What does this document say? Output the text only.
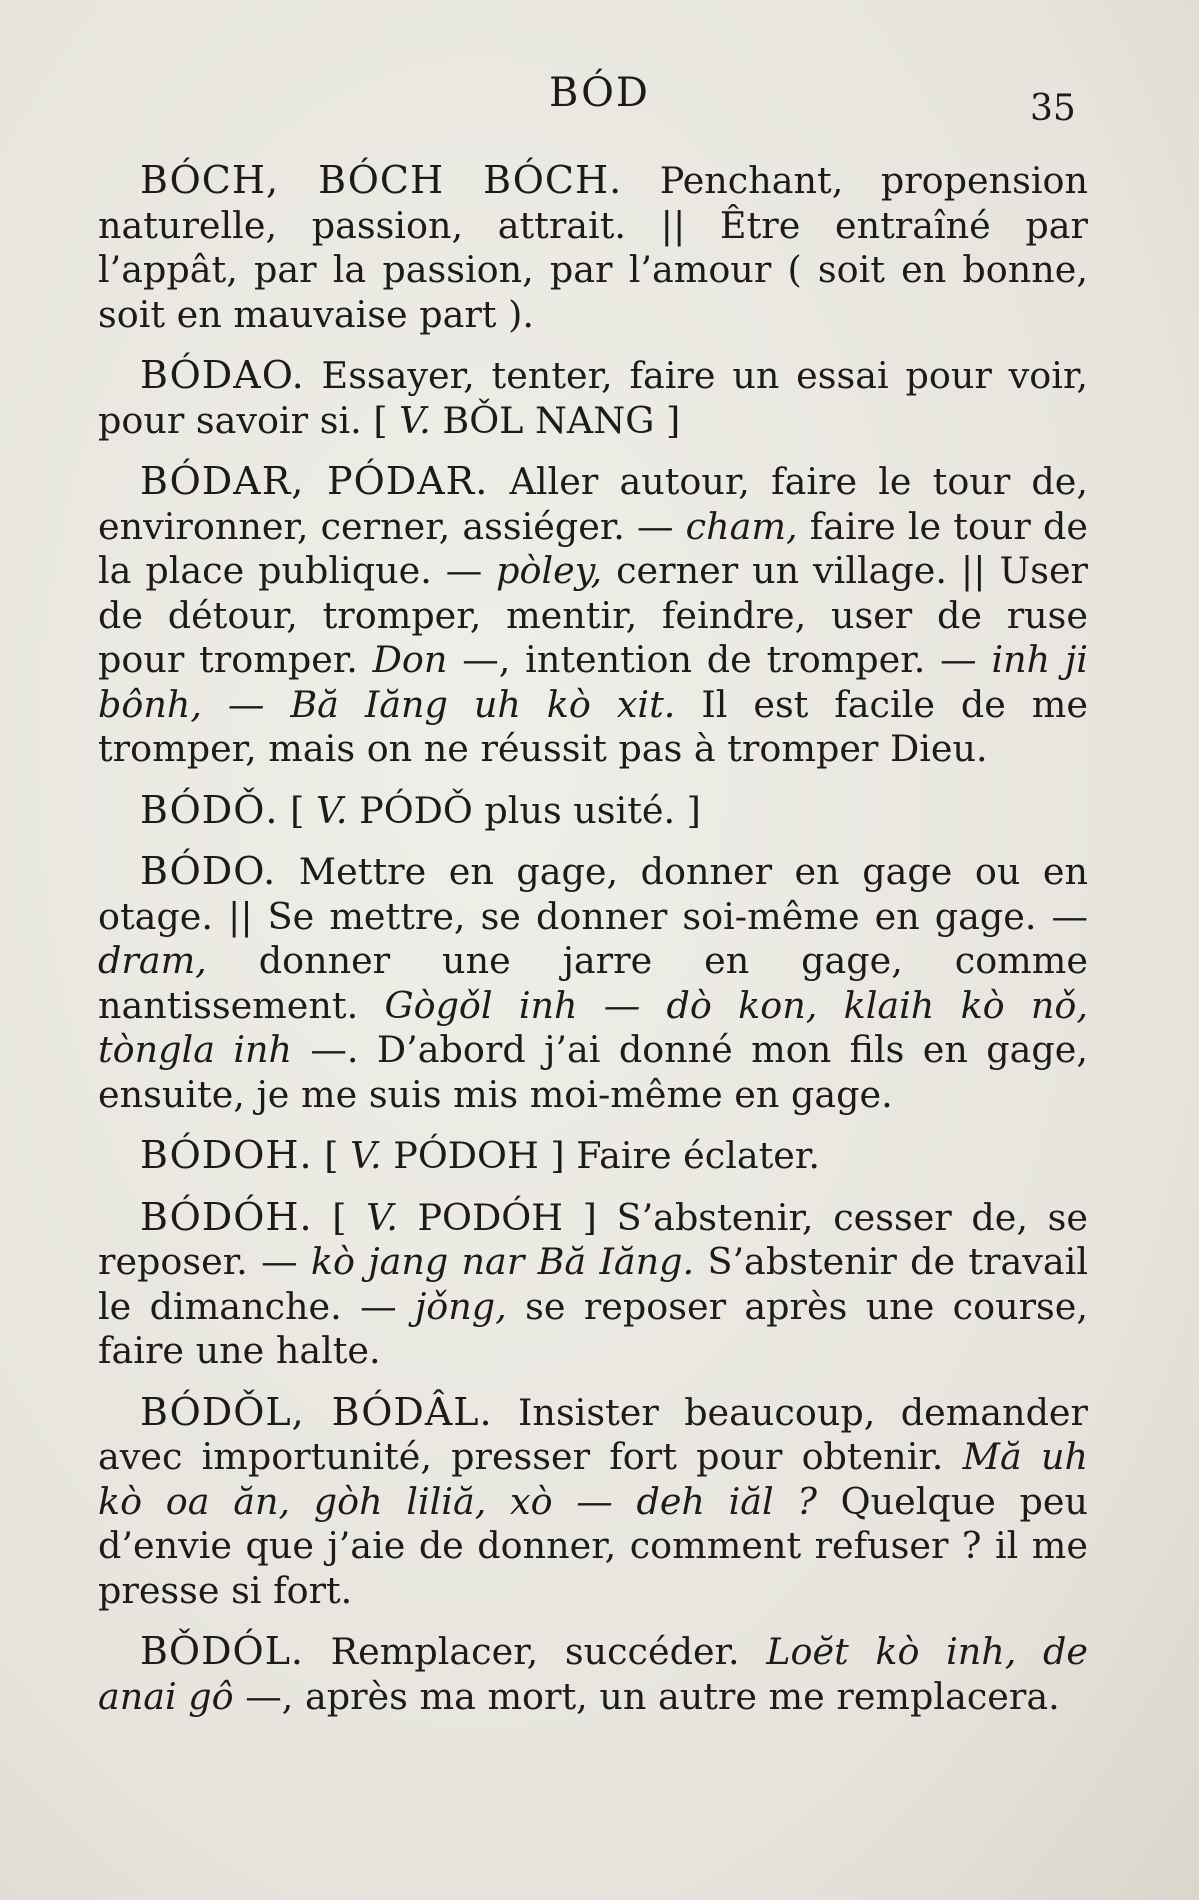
BÓD	35

BÓCH, BÓCH BÓCH. Penchant, propension naturelle, passion, attrait. || Être entraîné par l’appât, par la passion, par l’amour ( soit en bonne, soit en mauvaise part ).

BÓDAO. Essayer, tenter, faire un essai pour voir, pour savoir si. [ V. BǑL NANG ]

BÓDAR, PÓDAR. Aller autour, faire le tour de, environner, cerner, assiéger. — cham, faire le tour de la place publique. — pòley, cerner un village. || User de détour, tromper, mentir, feindre, user de ruse pour tromper. Don —, intention de tromper. — inh ji bônh, — Bă Iăng uh kò xit. Il est facile de me tromper, mais on ne réussit pas à tromper Dieu.

BÓDǑ. [ V. PÓDǑ plus usité. ]

BÓDO. Mettre en gage, donner en gage ou en otage. || Se mettre, se donner soi-même en gage. — dram, donner une jarre en gage, comme nantissement. Gògǒl inh — dò kon, klaih kò nǒ, tòngla inh —. D’abord j’ai donné mon fils en gage, ensuite, je me suis mis moi-même en gage.

BÓDOH. [ V. PÓDOH ] Faire éclater.

BÓDÓH. [ V. PODÓH ] S’abstenir, cesser de, se reposer. — kò jang nar Bă Iăng. S’abstenir de travail le dimanche. — jǒng, se reposer après une course, faire une halte.

BÓDǑL, BÓDÂL. Insister beaucoup, demander avec importunité, presser fort pour obtenir. Mă uh kò oa ăn, gòh liliă, xò — deh iăl ? Quelque peu d’envie que j’aie de donner, comment refuser ? il me presse si fort.

BǑDÓL. Remplacer, succéder. Loĕt kò inh, de anai gô —, après ma mort, un autre me remplacera.
